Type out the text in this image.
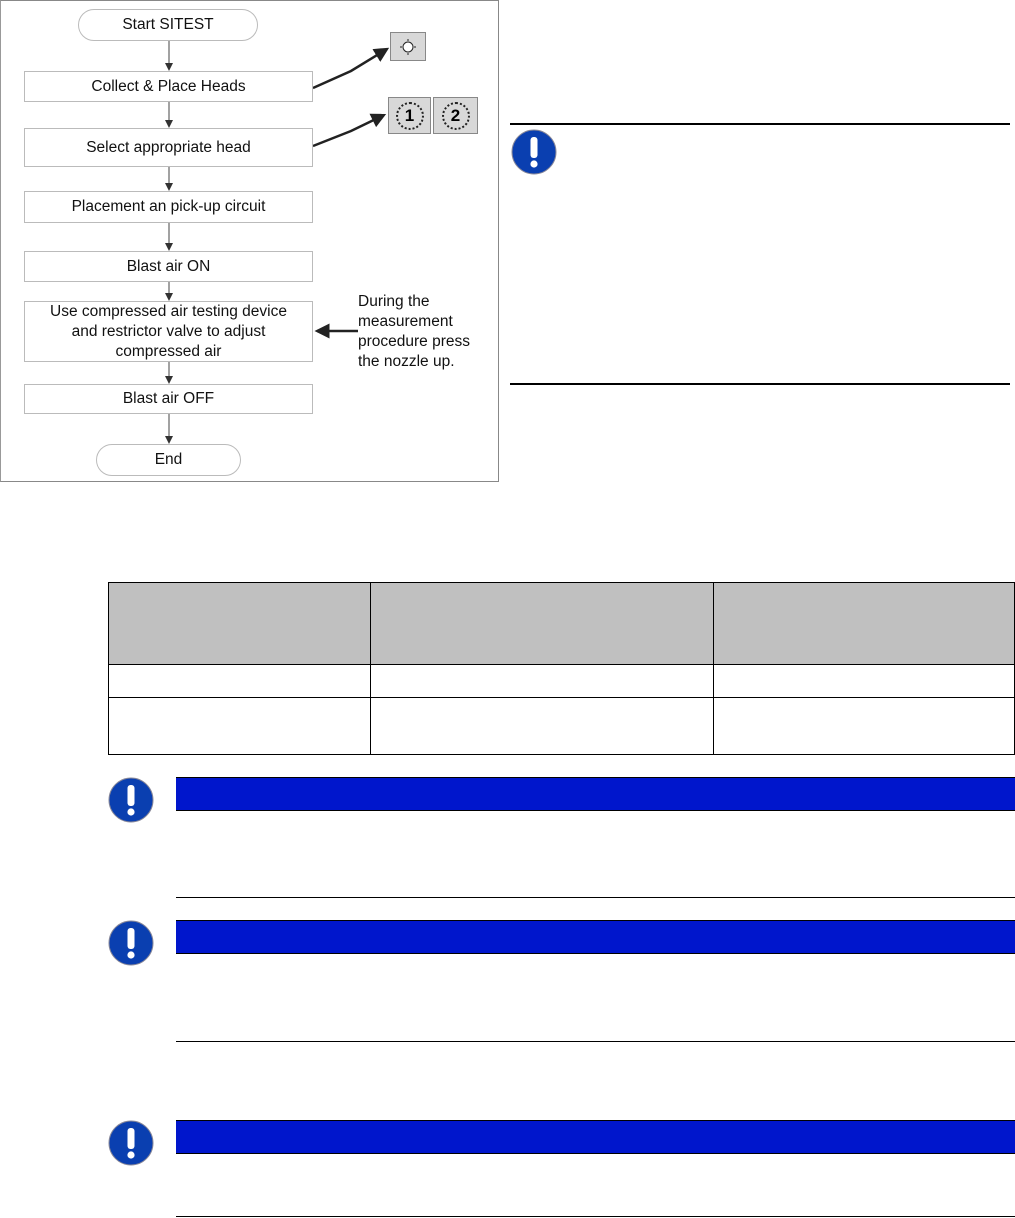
Start SITEST
Collect & Place Heads
Select appropriate head
Placement an pick-up circuit
Blast air ON
Use compressed air testing device and restrictor valve to adjust compressed air
Blast air OFF
End
1	2
During the measurement procedure press the nozzle up.
